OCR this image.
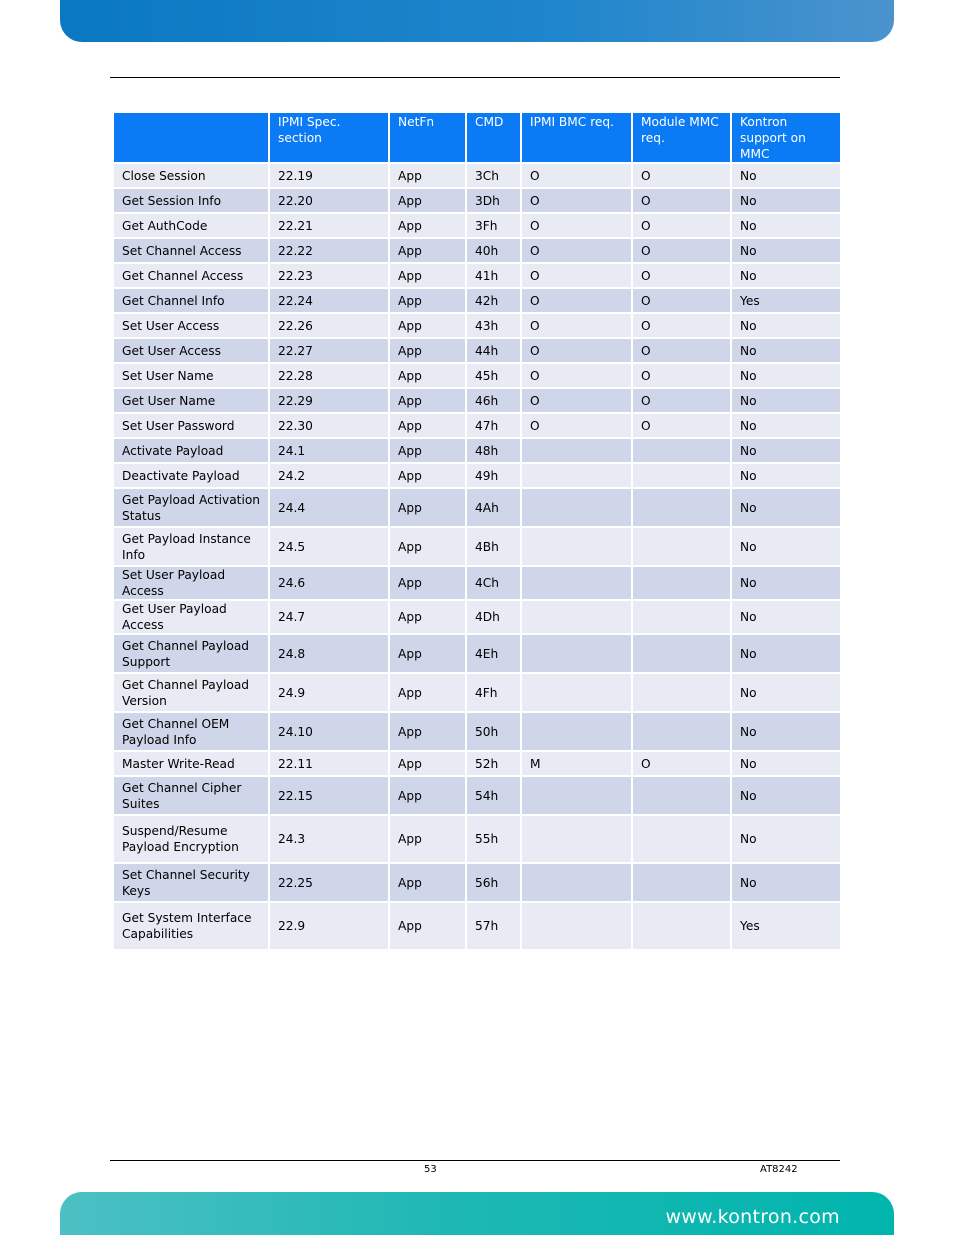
	IPMI Spec. section	NetFn	CMD	IPMI BMC req.	Module MMC req.	Kontron support on MMC
Close Session	22.19	App	3Ch	O	O	No
Get Session Info	22.20	App	3Dh	O	O	No
Get AuthCode	22.21	App	3Fh	O	O	No
Set Channel Access	22.22	App	40h	O	O	No
Get Channel Access	22.23	App	41h	O	O	No
Get Channel Info	22.24	App	42h	O	O	Yes
Set User Access	22.26	App	43h	O	O	No
Get User Access	22.27	App	44h	O	O	No
Set User Name	22.28	App	45h	O	O	No
Get User Name	22.29	App	46h	O	O	No
Set User Password	22.30	App	47h	O	O	No
Activate Payload	24.1	App	48h			No
Deactivate Payload	24.2	App	49h			No
Get Payload Activation Status	24.4	App	4Ah			No
Get Payload Instance Info	24.5	App	4Bh			No
Set User Payload Access	24.6	App	4Ch			No
Get User Payload Access	24.7	App	4Dh			No
Get Channel Payload Support	24.8	App	4Eh			No
Get Channel Payload Version	24.9	App	4Fh			No
Get Channel OEM Payload Info	24.10	App	50h			No
Master Write-Read	22.11	App	52h	M	O	No
Get Channel Cipher Suites	22.15	App	54h			No
Suspend/Resume Payload Encryption	24.3	App	55h			No
Set Channel Security Keys	22.25	App	56h			No
Get System Interface Capabilities	22.9	App	57h			Yes
53	AT8242
www.kontron.com
